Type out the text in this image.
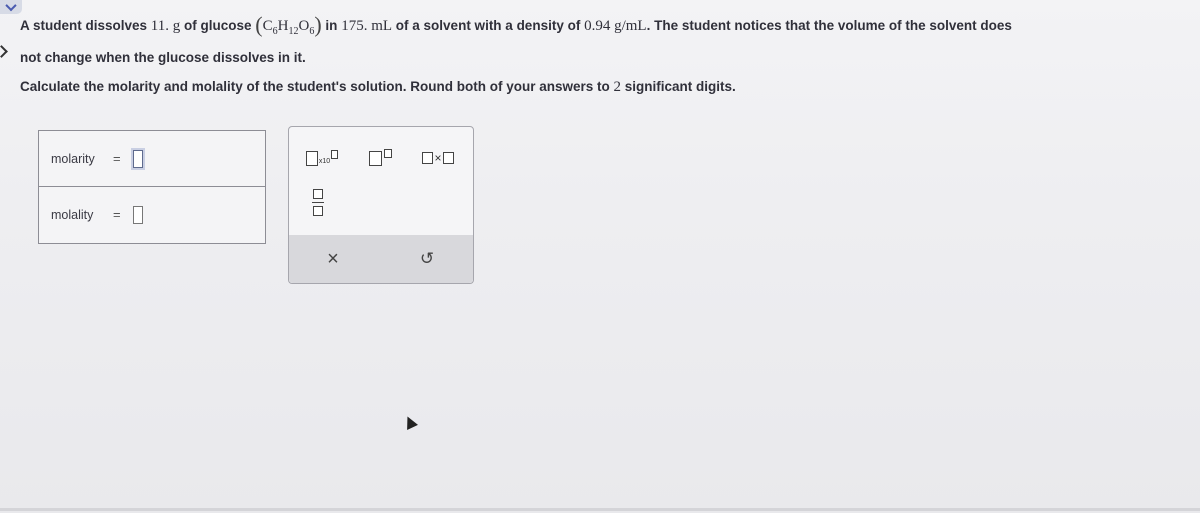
A student dissolves 11. g of glucose $(C_6H_{12}O_6)$ in 175. mL of a solvent with a density of 0.94 g/mL. The student notices that the volume of the solvent does
not change when the glucose dissolves in it.
Calculate the molarity and molality of the student's solution. Round both of your answers to 2 significant digits.
molarity	=
molality	=
x10	×
×	↺
